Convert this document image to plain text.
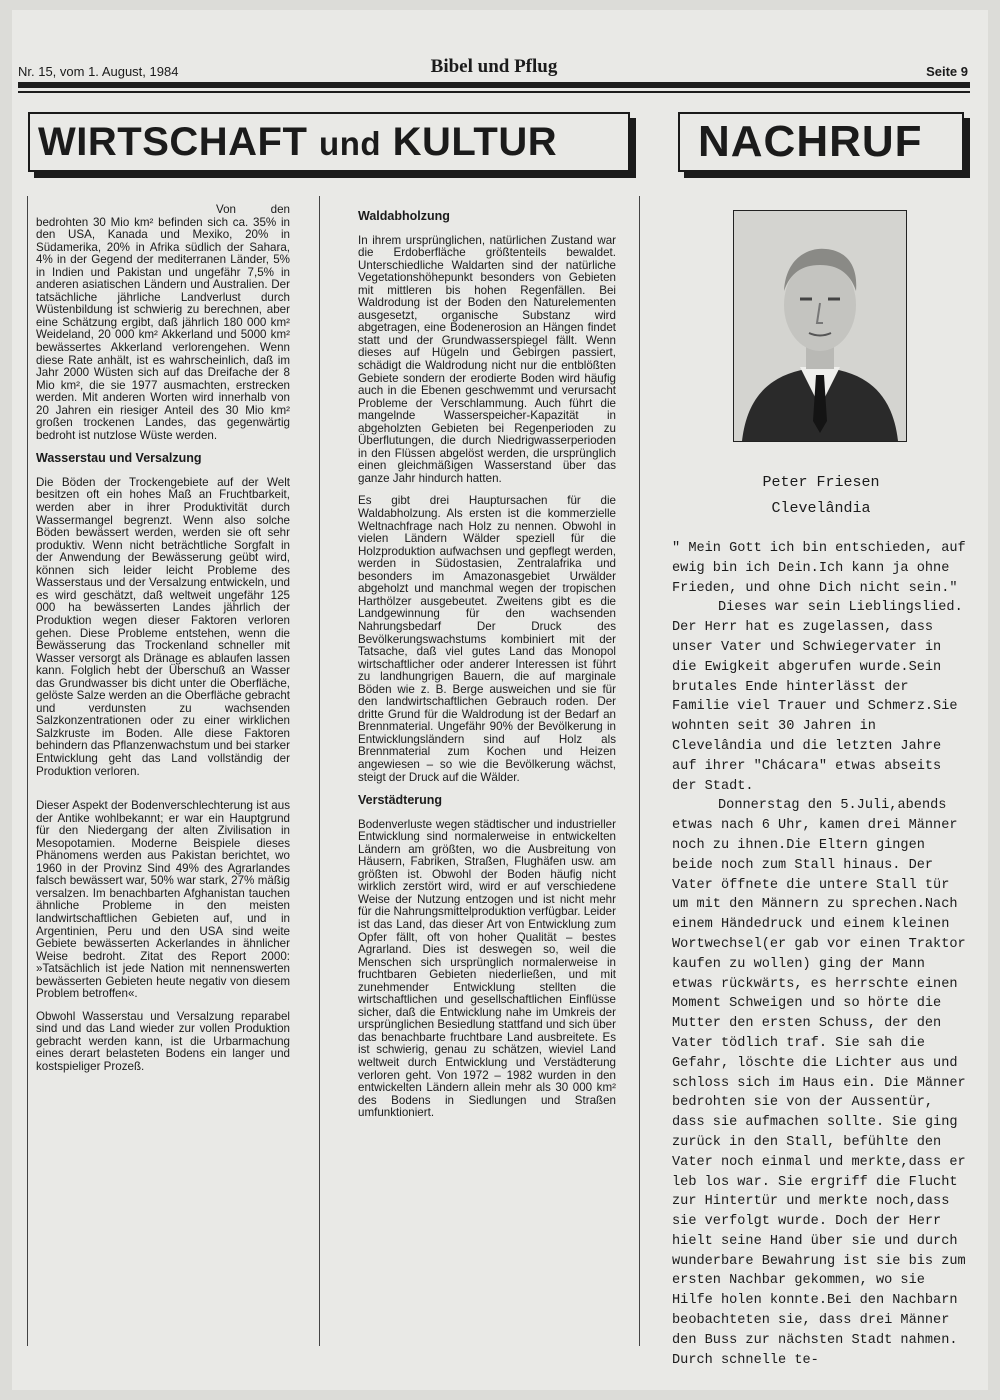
Nr. 15, vom 1. August, 1984	Bibel und Pflug	Seite 9
WIRTSCHAFT und KULTUR	NACHRUF

Von den bedrohten 30 Mio km² befinden sich ca. 35% in den USA, Kanada und Mexiko, 20% in Südamerika, 20% in Afrika südlich der Sahara, 4% in der Gegend der mediterranen Länder, 5% in Indien und Pakistan und ungefähr 7,5% in anderen asiatischen Ländern und Australien. Der tatsächliche jährliche Landverlust durch Wüstenbildung ist schwierig zu berechnen, aber eine Schätzung ergibt, daß jährlich 180 000 km² Weideland, 20 000 km² Akkerland und 5000 km² bewässertes Akkerland verlorengehen. Wenn diese Rate anhält, ist es wahrscheinlich, daß im Jahr 2000 Wüsten sich auf das Dreifache der 8 Mio km², die sie 1977 ausmachten, erstrecken werden. Mit anderen Worten wird innerhalb von 20 Jahren ein riesiger Anteil des 30 Mio km² großen trockenen Landes, das gegenwärtig bedroht ist nutzlose Wüste werden.

Wasserstau und Versalzung

Die Böden der Trockengebiete auf der Welt besitzen oft ein hohes Maß an Fruchtbarkeit, werden aber in ihrer Produktivität durch Wassermangel begrenzt. Wenn also solche Böden bewässert werden, werden sie oft sehr produktiv. Wenn nicht beträchtliche Sorgfalt in der Anwendung der Bewässerung geübt wird, können sich leider leicht Probleme des Wasserstaus und der Versalzung entwickeln, und es wird geschätzt, daß weltweit ungefähr 125 000 ha bewässerten Landes jährlich der Produktion wegen dieser Faktoren verloren gehen. Diese Probleme entstehen, wenn die Bewässerung das Trockenland schneller mit Wasser versorgt als Dränage es ablaufen lassen kann. Folglich hebt der Überschuß an Wasser das Grundwasser bis dicht unter die Oberfläche, gelöste Salze werden an die Oberfläche gebracht und verdunsten zu wachsenden Salzkonzentrationen oder zu einer wirklichen Salzkruste im Boden. Alle diese Faktoren behindern das Pflanzenwachstum und bei starker Entwicklung geht das Land vollständig der Produktion verloren.

Dieser Aspekt der Bodenverschlechterung ist aus der Antike wohlbekannt; er war ein Hauptgrund für den Niedergang der alten Zivilisation in Mesopotamien. Moderne Beispiele dieses Phänomens werden aus Pakistan berichtet, wo 1960 in der Provinz Sind 49% des Agrarlandes falsch bewässert war, 50% war stark, 27% mäßig versalzen. Im benachbarten Afghanistan tauchen ähnliche Probleme in den meisten landwirtschaftlichen Gebieten auf, und in Argentinien, Peru und den USA sind weite Gebiete bewässerten Ackerlandes in ähnlicher Weise bedroht. Zitat des Report 2000: »Tatsächlich ist jede Nation mit nennenswerten bewässerten Gebieten heute negativ von diesem Problem betroffen«.

Obwohl Wasserstau und Versalzung reparabel sind und das Land wieder zur vollen Produktion gebracht werden kann, ist die Urbarmachung eines derart belasteten Bodens ein langer und kostspieliger Prozeß.

Waldabholzung

In ihrem ursprünglichen, natürlichen Zustand war die Erdoberfläche größtenteils bewaldet. Unterschiedliche Waldarten sind der natürliche Vegetationshöhepunkt besonders von Gebieten mit mittleren bis hohen Regenfällen. Bei Waldrodung ist der Boden den Naturelementen ausgesetzt, organische Substanz wird abgetragen, eine Bodenerosion an Hängen findet statt und der Grundwasserspiegel fällt. Wenn dieses auf Hügeln und Gebirgen passiert, schädigt die Waldrodung nicht nur die entblößten Gebiete sondern der erodierte Boden wird häufig auch in die Ebenen geschwemmt und verursacht Probleme der Verschlammung. Auch führt die mangelnde Wasserspeicher-Kapazität in abgeholzten Gebieten bei Regenperioden zu Überflutungen, die durch Niedrigwasserperioden in den Flüssen abgelöst werden, die ursprünglich einen gleichmäßigen Wasserstand über das ganze Jahr hindurch hatten.

Es gibt drei Hauptursachen für die Waldabholzung. Als ersten ist die kommerzielle Weltnachfrage nach Holz zu nennen. Obwohl in vielen Ländern Wälder speziell für die Holzproduktion aufwachsen und gepflegt werden, werden in Südostasien, Zentralafrika und besonders im Amazonasgebiet Urwälder abgeholzt und manchmal wegen der tropischen Harthölzer ausgebeutet. Zweitens gibt es die Landgewinnung für den wachsenden Nahrungsbedarf Der Druck des Bevölkerungswachstums kombiniert mit der Tatsache, daß viel gutes Land das Monopol wirtschaftlicher oder anderer Interessen ist führt zu landhungrigen Bauern, die auf marginale Böden wie z. B. Berge ausweichen und sie für den landwirtschaftlichen Gebrauch roden. Der dritte Grund für die Waldrodung ist der Bedarf an Brennmaterial. Ungefähr 90% der Bevölkerung in Entwicklungsländern sind auf Holz als Brennmaterial zum Kochen und Heizen angewiesen – so wie die Bevölkerung wächst, steigt der Druck auf die Wälder.

Verstädterung

Bodenverluste wegen städtischer und industrieller Entwicklung sind normalerweise in entwickelten Ländern am größten, wo die Ausbreitung von Häusern, Fabriken, Straßen, Flughäfen usw. am größten ist. Obwohl der Boden häufig nicht wirklich zerstört wird, wird er auf verschiedene Weise der Nutzung entzogen und ist nicht mehr für die Nahrungsmittelproduktion verfügbar. Leider ist das Land, das dieser Art von Entwicklung zum Opfer fällt, oft von hoher Qualität – bestes Agrarland. Dies ist deswegen so, weil die Menschen sich ursprünglich normalerweise in fruchtbaren Gebieten niederließen, und mit zunehmender Entwicklung stellten die wirtschaftlichen und gesellschaftlichen Einflüsse sicher, daß die Entwicklung nahe im Umkreis der ursprünglichen Besiedlung stattfand und sich über das benachbarte fruchtbare Land ausbreitete. Es ist schwierig, genau zu schätzen, wieviel Land weltweit durch Entwicklung und Verstädterung verloren geht. Von 1972 – 1982 wurden in den entwickelten Ländern allein mehr als 30 000 km² des Bodens in Siedlungen und Straßen umfunktioniert.

Peter Friesen
Clevelândia

" Mein Gott ich bin entschieden, auf ewig bin ich Dein.Ich kann ja ohne Frieden, und ohne Dich nicht sein."

Dieses war sein Lieblingslied. Der Herr hat es zugelassen, dass unser Vater und Schwiegervater in die Ewigkeit abgerufen wurde.Sein brutales Ende hinterlässt der Familie viel Trauer und Schmerz.Sie wohnten seit 30 Jahren in Clevelândia und die letzten Jahre auf ihrer "Chácara" etwas abseits der Stadt.

Donnerstag den 5.Juli,abends etwas nach 6 Uhr, kamen drei Männer noch zu ihnen.Die Eltern gingen beide noch zum Stall hinaus. Der Vater öffnete die untere Stall tür um mit den Männern zu sprechen.Nach einem Händedruck und einem kleinen Wortwechsel(er gab vor einen Traktor kaufen zu wollen) ging der Mann etwas rückwärts, es herrschte einen Moment Schweigen und so hörte die Mutter den ersten Schuss, der den Vater tödlich traf. Sie sah die Gefahr, löschte die Lichter aus und schloss sich im Haus ein. Die Männer bedrohten sie von der Aussentür, dass sie aufmachen sollte. Sie ging zurück in den Stall, befühlte den Vater noch einmal und merkte,dass er leb los war. Sie ergriff die Flucht zur Hintertür und merkte noch,dass sie verfolgt wurde. Doch der Herr hielt seine Hand über sie und durch wunderbare Bewahrung ist sie bis zum ersten Nachbar gekommen, wo sie Hilfe holen konnte.Bei den Nachbarn beobachteten sie, dass drei Männer den Buss zur nächsten Stadt nahmen. Durch schnelle te-
